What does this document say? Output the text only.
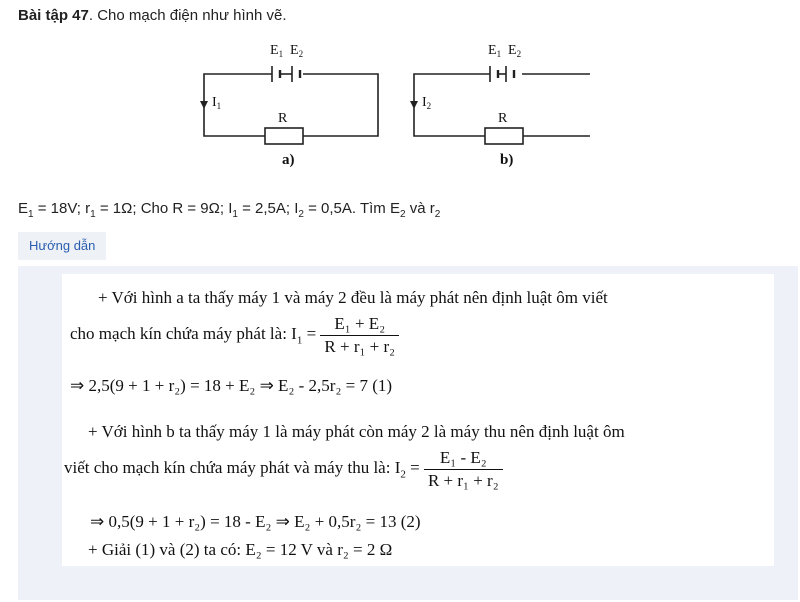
Bài tập 47. Cho mạch điện như hình vẽ.
$E_1$ $E_2$
$I_1$
R
a)
$E_1$ $E_2$
$I_2$
R
b)
$E_1 = 18V$; $r_1 = 1\Omega$; Cho R = 9Ω; $I_1 = 2,5A$; $I_2 = 0,5A$. Tìm $E_2$ và $r_2$
Hướng dẫn
+ Với hình a ta thấy máy 1 và máy 2 đều là máy phát nên định luật ôm viết
cho mạch kín chứa máy phát là: $I_1 = \frac{\text{E₁ + E₂}}{\text{R + r₁ + r₂}}$
⇒ 2,5(9 + 1 + r₂) = 18 + E₂ ⇒ E₂ - 2,5r₂ = 7 (1)
+ Với hình b ta thấy máy 1 là máy phát còn máy 2 là máy thu nên định luật ôm
viết cho mạch kín chứa máy phát và máy thu là: $I_2 = \frac{\text{E₁ - E₂}}{\text{R + r₁ + r₂}}$
⇒ 0,5(9 + 1 + r₂) = 18 - E₂ ⇒ E₂ + 0,5r₂ = 13 (2)
+ Giải (1) và (2) ta có: E₂ = 12 V và r₂ = 2 Ω
